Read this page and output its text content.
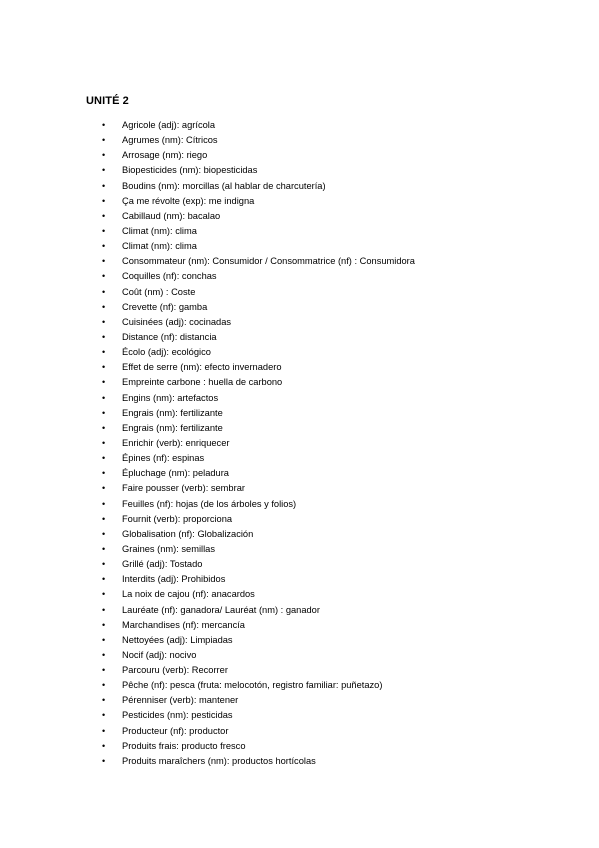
UNITÉ 2
• Agricole (adj): agrícola
• Agrumes (nm): Cítricos
• Arrosage (nm): riego
• Biopesticides (nm): biopesticidas
• Boudins (nm): morcillas (al hablar de charcutería)
• Ça me révolte (exp): me indigna
• Cabillaud (nm): bacalao
• Climat (nm): clima
• Climat (nm): clima
• Consommateur (nm): Consumidor / Consommatrice (nf) : Consumidora
• Coquilles (nf): conchas
• Coût (nm) : Coste
• Crevette (nf): gamba
• Cuisinées (adj): cocinadas
• Distance (nf): distancia
• Écolo (adj): ecológico
• Effet de serre (nm): efecto invernadero
• Empreinte carbone : huella de carbono
• Engins (nm): artefactos
• Engrais (nm): fertilizante
• Engrais (nm): fertilizante
• Enrichir (verb): enriquecer
• Épines (nf): espinas
• Épluchage (nm): peladura
• Faire pousser (verb): sembrar
• Feuilles (nf): hojas (de los árboles y folios)
• Fournit (verb): proporciona
• Globalisation (nf): Globalización
• Graines (nm): semillas
• Grillé (adj): Tostado
• Interdits (adj): Prohibidos
• La noix de cajou (nf): anacardos
• Lauréate (nf): ganadora/ Lauréat (nm) : ganador
• Marchandises (nf): mercancía
• Nettoyées (adj): Limpiadas
• Nocif (adj): nocivo
• Parcouru (verb): Recorrer
• Pêche (nf): pesca (fruta: melocotón, registro familiar: puñetazo)
• Pérenniser (verb): mantener
• Pesticides (nm): pesticidas
• Producteur (nf): productor
• Produits frais: producto fresco
• Produits maraîchers (nm): productos hortícolas
